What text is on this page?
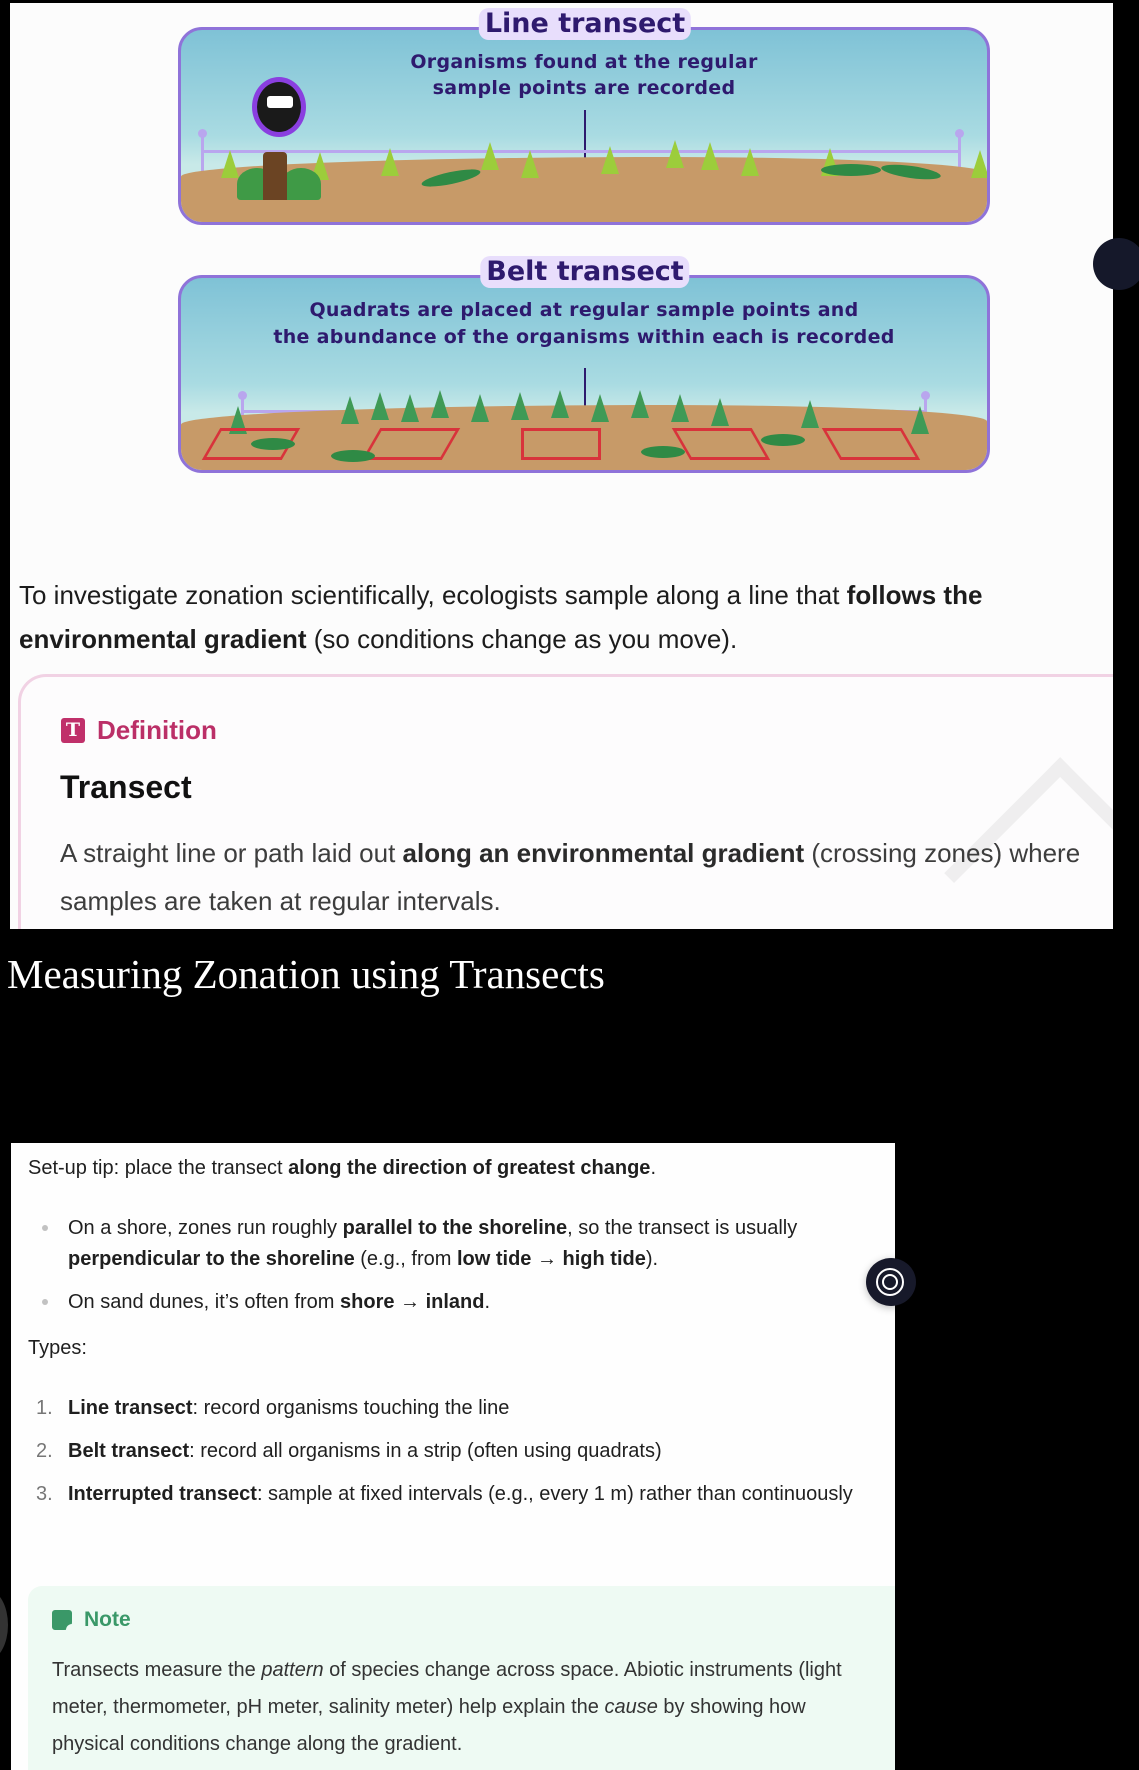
Organisms found at the regular
sample points are recorded
Line transect
Quadrats are placed at regular sample points and
the abundance of the organisms within each is recorded
Belt transect

To investigate zonation scientifically, ecologists sample along a line that follows the environmental gradient (so conditions change as you move).

T Definition
Transect
A straight line or path laid out along an environmental gradient (crossing zones) where samples are taken at regular intervals.
Measuring Zonation using Transects
Set-up tip: place the transect along the direction of greatest change.
On a shore, zones run roughly parallel to the shoreline, so the transect is usually perpendicular to the shoreline (e.g., from low tide → high tide).
On sand dunes, it’s often from shore → inland.
Types:
1. Line transect: record organisms touching the line
2. Belt transect: record all organisms in a strip (often using quadrats)
3. Interrupted transect: sample at fixed intervals (e.g., every 1 m) rather than continuously
Note
Transects measure the pattern of species change across space. Abiotic instruments (light meter, thermometer, pH meter, salinity meter) help explain the cause by showing how physical conditions change along the gradient.
